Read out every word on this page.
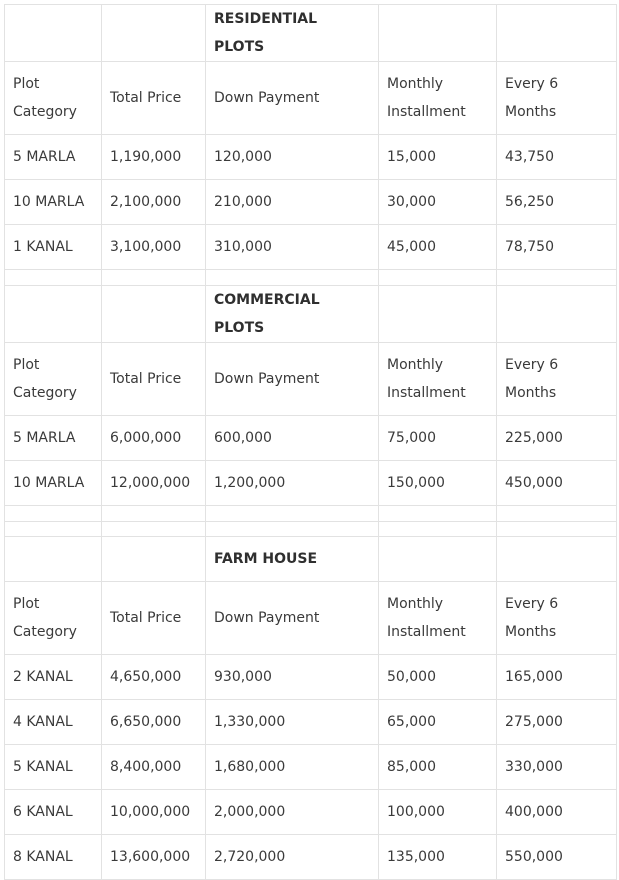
		RESIDENTIAL PLOTS		
Plot Category	Total Price	Down Payment	Monthly Installment	Every 6 Months
5 MARLA	1,190,000	120,000	15,000	43,750
10 MARLA	2,100,000	210,000	30,000	56,250
1 KANAL	3,100,000	310,000	45,000	78,750

		COMMERCIAL PLOTS		
Plot Category	Total Price	Down Payment	Monthly Installment	Every 6 Months
5 MARLA	6,000,000	600,000	75,000	225,000
10 MARLA	12,000,000	1,200,000	150,000	450,000

		FARM HOUSE		
Plot Category	Total Price	Down Payment	Monthly Installment	Every 6 Months
2 KANAL	4,650,000	930,000	50,000	165,000
4 KANAL	6,650,000	1,330,000	65,000	275,000
5 KANAL	8,400,000	1,680,000	85,000	330,000
6 KANAL	10,000,000	2,000,000	100,000	400,000
8 KANAL	13,600,000	2,720,000	135,000	550,000
